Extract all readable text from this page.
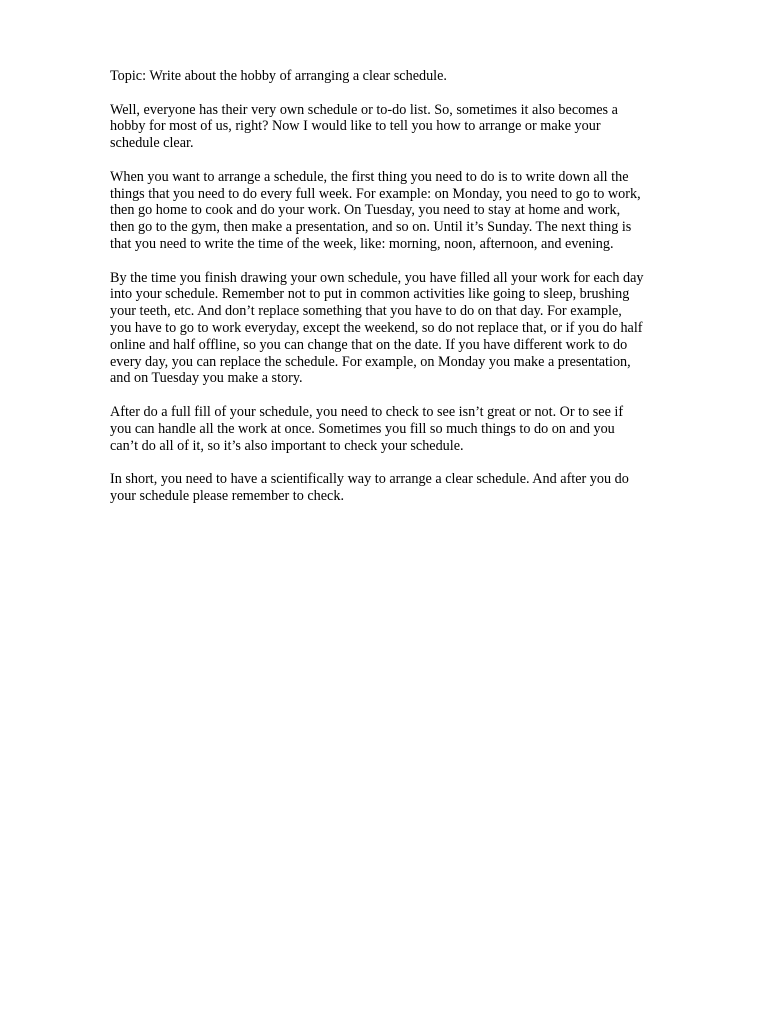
Topic: Write about the hobby of arranging a clear schedule.

Well, everyone has their very own schedule or to-do list. So, sometimes it also becomes a
hobby for most of us, right? Now I would like to tell you how to arrange or make your
schedule clear.

When you want to arrange a schedule, the first thing you need to do is to write down all the
things that you need to do every full week. For example: on Monday, you need to go to work,
then go home to cook and do your work. On Tuesday, you need to stay at home and work,
then go to the gym, then make a presentation, and so on. Until it’s Sunday. The next thing is
that you need to write the time of the week, like: morning, noon, afternoon, and evening.

By the time you finish drawing your own schedule, you have filled all your work for each day
into your schedule. Remember not to put in common activities like going to sleep, brushing
your teeth, etc. And don’t replace something that you have to do on that day. For example,
you have to go to work everyday, except the weekend, so do not replace that, or if you do half
online and half offline, so you can change that on the date. If you have different work to do
every day, you can replace the schedule. For example, on Monday you make a presentation,
and on Tuesday you make a story.

After do a full fill of your schedule, you need to check to see isn’t great or not. Or to see if
you can handle all the work at once. Sometimes you fill so much things to do on and you
can’t do all of it, so it’s also important to check your schedule.

In short, you need to have a scientifically way to arrange a clear schedule. And after you do
your schedule please remember to check.
